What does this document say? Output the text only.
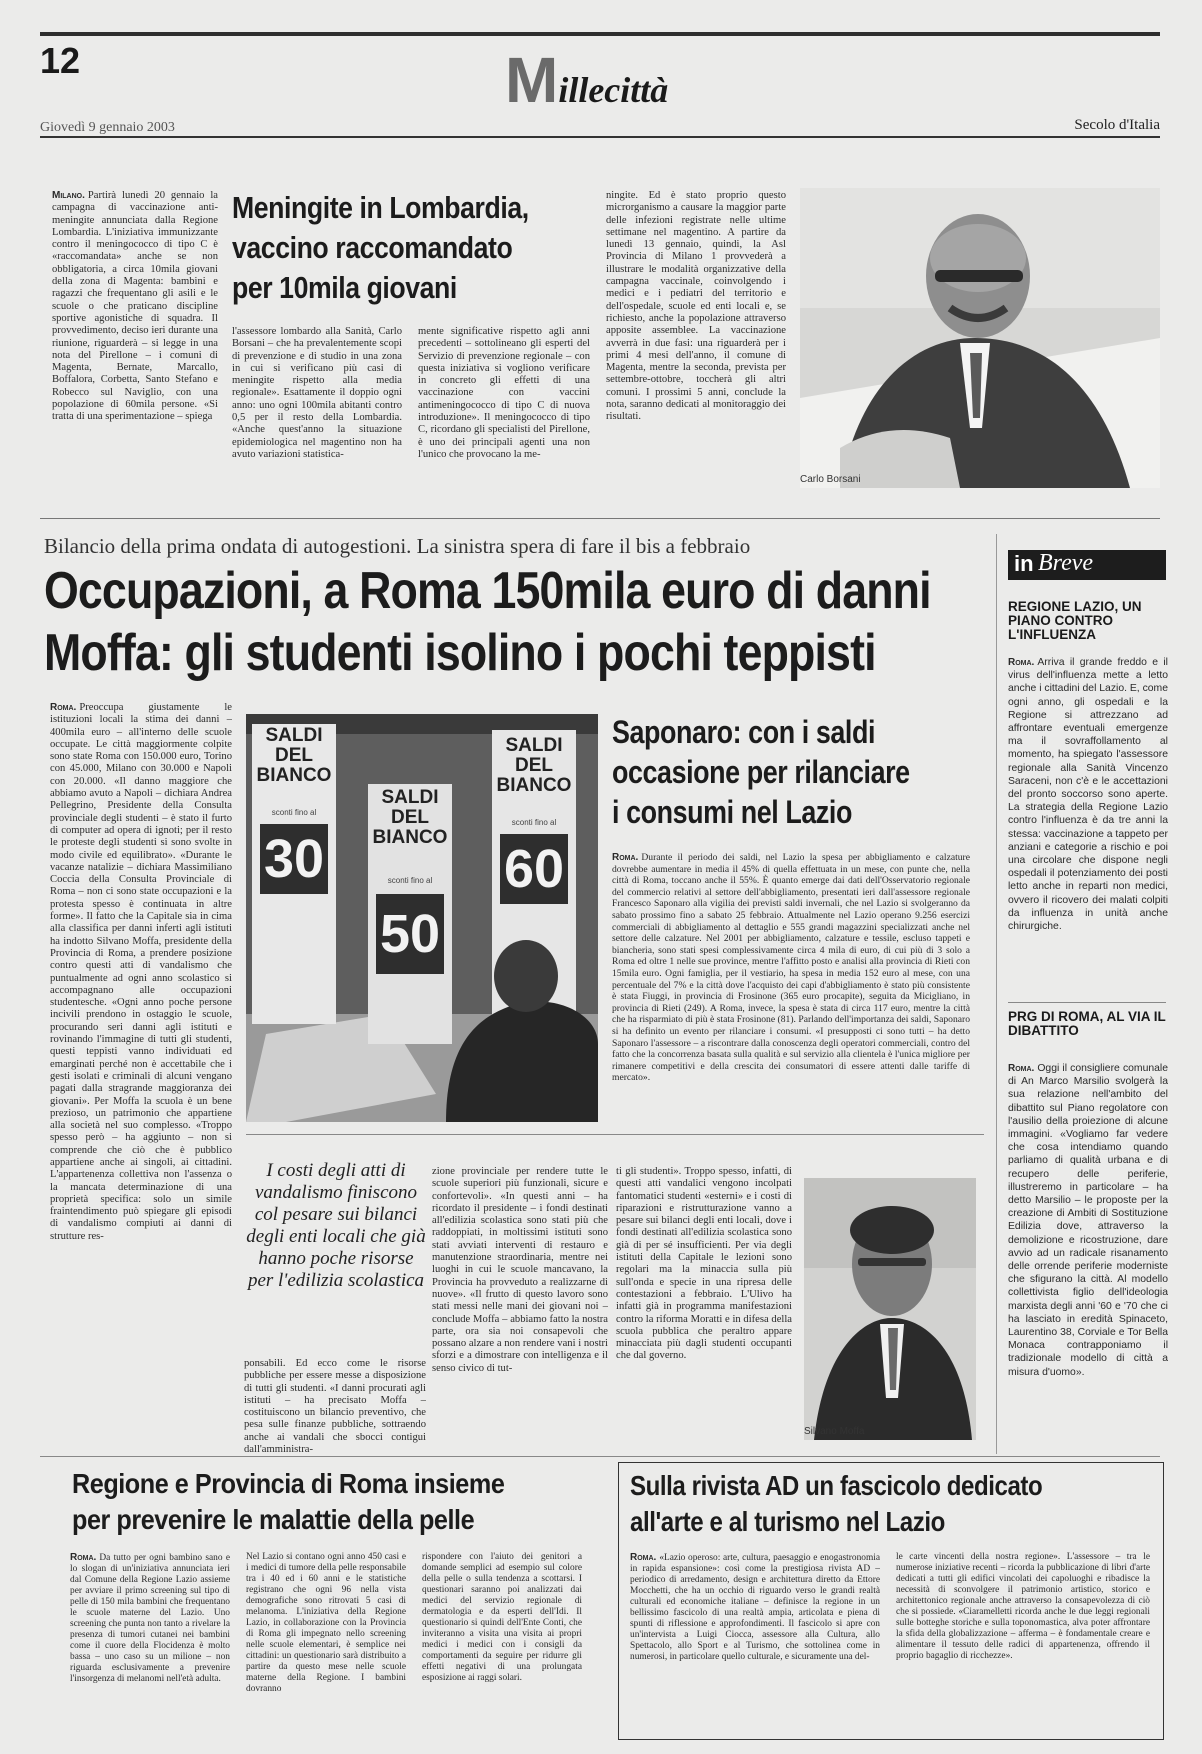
12	Millecittà
Giovedì 9 gennaio 2003	Secolo d'Italia
Milano. Partirà lunedì 20 gennaio la campagna di vaccinazione anti-meningite annunciata dalla Regione Lombardia. L'iniziativa immunizzante contro il meningococco di tipo C è «raccomandata» anche se non obbligatoria, a circa 10mila giovani della zona di Magenta: bambini e ragazzi che frequentano gli asili e le scuole o che praticano discipline sportive agonistiche di squadra. Il provvedimento, deciso ieri durante una riunione, riguarderà – si legge in una nota del Pirellone – i comuni di Magenta, Bernate, Marcallo, Boffalora, Corbetta, Santo Stefano e Robecco sul Naviglio, con una popolazione di 60mila persone. «Si tratta di una sperimentazione – spiega
Meningite in Lombardia,
vaccino raccomandato
per 10mila giovani
l'assessore lombardo alla Sanità, Carlo Borsani – che ha prevalentemente scopi di prevenzione e di studio in una zona in cui si verificano più casi di meningite rispetto alla media regionale». Esattamente il doppio ogni anno: uno ogni 100mila abitanti contro 0,5 per il resto della Lombardia. «Anche quest'anno la situazione epidemiologica nel magentino non ha avuto variazioni statistica-
mente significative rispetto agli anni precedenti – sottolineano gli esperti del Servizio di prevenzione regionale – con questa iniziativa si vogliono verificare in concreto gli effetti di una vaccinazione con vaccini antimeningococco di tipo C di nuova introduzione». Il meningococco di tipo C, ricordano gli specialisti del Pirellone, è uno dei principali agenti una non l'unico che provocano la me-
ningite. Ed è stato proprio questo microrganismo a causare la maggior parte delle infezioni registrate nelle ultime settimane nel magentino. A partire da lunedì 13 gennaio, quindi, la Asl Provincia di Milano 1 provvederà a illustrare le modalità organizzative della campagna vaccinale, coinvolgendo i medici e i pediatri del territorio e dell'ospedale, scuole ed enti locali e, se richiesto, anche la popolazione attraverso apposite assemblee. La vaccinazione avverrà in due fasi: una riguarderà per i primi 4 mesi dell'anno, il comune di Magenta, mentre la seconda, prevista per settembre-ottobre, toccherà gli altri comuni. I prossimi 5 anni, conclude la nota, saranno dedicati al monitoraggio dei risultati.
Carlo Borsani
Bilancio della prima ondata di autogestioni. La sinistra spera di fare il bis a febbraio
Occupazioni, a Roma 150mila euro di danni
Moffa: gli studenti isolino i pochi teppisti
Roma. Preoccupa giustamente le istituzioni locali la stima dei danni – 400mila euro – all'interno delle scuole occupate. Le città maggiormente colpite sono state Roma con 150.000 euro, Torino con 45.000, Milano con 30.000 e Napoli con 20.000. «Il danno maggiore che abbiamo avuto a Napoli – dichiara Andrea Pellegrino, Presidente della Consulta provinciale degli studenti – è stato il furto di computer ad opera di ignoti; per il resto le proteste degli studenti si sono svolte in modo civile ed equilibrato». «Durante le vacanze natalizie – dichiara Massimiliano Coccia della Consulta Provinciale di Roma – non ci sono state occupazioni e la protesta spesso è continuata in altre forme». Il fatto che la Capitale sia in cima alla classifica per danni inferti agli istituti ha indotto Silvano Moffa, presidente della Provincia di Roma, a prendere posizione contro questi atti di vandalismo che puntualmente ad ogni anno scolastico si accompagnano alle occupazioni studentesche. «Ogni anno poche persone incivili prendono in ostaggio le scuole, procurando seri danni agli istituti e rovinando l'immagine di tutti gli studenti, questi teppisti vanno individuati ed emarginati perché non è accettabile che i gesti isolati e criminali di alcuni vengano pagati dalla stragrande maggioranza dei giovani». Per Moffa la scuola è un bene prezioso, un patrimonio che appartiene alla società nel suo complesso. «Troppo spesso però – ha aggiunto – non si comprende che ciò che è pubblico appartiene anche ai singoli, ai cittadini. L'appartenenza collettiva non l'assenza o la mancata determinazione di una proprietà specifica: solo un simile fraintendimento può spiegare gli episodi di vandalismo compiuti ai danni di strutture res-
SALDI DEL BIANCO
sconti fino al
30
SALDI DEL BIANCO
sconti fino al
50
SALDI DEL BIANCO
sconti fino al
60
Saponaro: con i saldi
occasione per rilanciare
i consumi nel Lazio
Roma. Durante il periodo dei saldi, nel Lazio la spesa per abbigliamento e calzature dovrebbe aumentare in media il 45% di quella effettuata in un mese, con punte che, nella città di Roma, toccano anche il 55%. È quanto emerge dai dati dell'Osservatorio regionale del commercio relativi al settore dell'abbigliamento, presentati ieri dall'assessore regionale Francesco Saponaro alla vigilia dei previsti saldi invernali, che nel Lazio si svolgeranno da sabato prossimo fino a sabato 25 febbraio. Attualmente nel Lazio operano 9.256 esercizi commerciali di abbigliamento al dettaglio e 555 grandi magazzini specializzati anche nel settore delle calzature. Nel 2001 per abbigliamento, calzature e tessile, escluso tappeti e biancheria, sono stati spesi complessivamente circa 4 mila di euro, di cui più di 3 solo a Roma ed oltre 1 nelle sue province, mentre l'affitto posto e analisi alla provincia di Rieti con 15mila euro. Ogni famiglia, per il vestiario, ha spesa in media 152 euro al mese, con una percentuale del 7% e la città dove l'acquisto dei capi d'abbigliamento è stato più consistente è stata Fiuggi, in provincia di Frosinone (365 euro procapite), seguita da Micigliano, in provincia di Rieti (249). A Roma, invece, la spesa è stata di circa 117 euro, mentre la città che ha risparmiato di più è stata Frosinone (81). Parlando dell'importanza dei saldi, Saponaro si ha definito un evento per rilanciare i consumi. «I presupposti ci sono tutti – ha detto Saponaro l'assessore – a riscontrare dalla conoscenza degli operatori commerciali, contro del fatto che la concorrenza basata sulla qualità e sul servizio alla clientela è l'unica migliore per rimanere competitivi e della crescita dei consumatori di essere attenti dalle tariffe di mercato».
I costi degli atti di vandalismo finiscono col pesare sui bilanci degli enti locali che già hanno poche risorse per l'edilizia scolastica
ponsabili. Ed ecco come le risorse pubbliche per essere messe a disposizione di tutti gli studenti. «I danni procurati agli istituti – ha precisato Moffa – costituiscono un bilancio preventivo, che pesa sulle finanze pubbliche, sottraendo anche ai vandali che sbocci contigui dall'amministra-
zione provinciale per rendere tutte le scuole superiori più funzionali, sicure e confortevoli». «In questi anni – ha ricordato il presidente – i fondi destinati all'edilizia scolastica sono stati più che raddoppiati, in moltissimi istituti sono stati avviati interventi di restauro e manutenzione straordinaria, mentre nei luoghi in cui le scuole mancavano, la Provincia ha provveduto a realizzarne di nuove». «Il frutto di questo lavoro sono stati messi nelle mani dei giovani noi – conclude Moffa – abbiamo fatto la nostra parte, ora sia noi consapevoli che possano alzare a non rendere vani i nostri sforzi e a dimostrare con intelligenza e il senso civico di tut-
ti gli studenti». Troppo spesso, infatti, di questi atti vandalici vengono incolpati fantomatici studenti «esterni» e i costi di riparazioni e ristrutturazione vanno a pesare sui bilanci degli enti locali, dove i fondi destinati all'edilizia scolastica sono già di per sé insufficienti. Per via degli istituti della Capitale le lezioni sono regolari ma la minaccia sulla più sull'onda e specie in una ripresa delle contestazioni a febbraio. L'Ulivo ha infatti già in programma manifestazioni contro la riforma Moratti e in difesa della scuola pubblica che peraltro appare minacciata più dagli studenti occupanti che dal governo.
Silvano Moffa
in Breve
REGIONE LAZIO, UN PIANO CONTRO L'INFLUENZA
Roma. Arriva il grande freddo e il virus dell'influenza mette a letto anche i cittadini del Lazio. E, come ogni anno, gli ospedali e la Regione si attrezzano ad affrontare eventuali emergenze ma il sovraffollamento al momento, ha spiegato l'assessore regionale alla Sanità Vincenzo Saraceni, non c'è e le accettazioni del pronto soccorso sono aperte. La strategia della Regione Lazio contro l'influenza è da tre anni la stessa: vaccinazione a tappeto per anziani e categorie a rischio e poi una circolare che dispone negli ospedali il potenziamento dei posti letto anche in reparti non medici, ovvero il ricovero dei malati colpiti da influenza in unità anche chirurgiche.
PRG DI ROMA, AL VIA IL DIBATTITO
Roma. Oggi il consigliere comunale di An Marco Marsilio svolgerà la sua relazione nell'ambito del dibattito sul Piano regolatore con l'ausilio della proiezione di alcune immagini. «Vogliamo far vedere che cosa intendiamo quando parliamo di qualità urbana e di recupero delle periferie, illustreremo in particolare – ha detto Marsilio – le proposte per la creazione di Ambiti di Sostituzione Edilizia dove, attraverso la demolizione e ricostruzione, dare avvio ad un radicale risanamento delle orrende periferie moderniste che sfigurano la città. Al modello collettivista figlio dell'ideologia marxista degli anni '60 e '70 che ci ha lasciato in eredità Spinaceto, Laurentino 38, Corviale e Tor Bella Monaca contrapponiamo il tradizionale modello di città a misura d'uomo».
Regione e Provincia di Roma insieme
per prevenire le malattie della pelle
Roma. Da tutto per ogni bambino sano e lo slogan di un'iniziativa annunciata ieri dal Comune della Regione Lazio assieme per avviare il primo screening sul tipo di pelle di 150 mila bambini che frequentano le scuole materne del Lazio. Uno screening che punta non tanto a rivelare la presenza di tumori cutanei nei bambini come il cuore della Flocidenza è molto bassa – uno caso su un milione – non riguarda esclusivamente a prevenire l'insorgenza di melanomi nell'età adulta.
Nel Lazio si contano ogni anno 450 casi e i medici di tumore della pelle responsabile tra i 40 ed i 60 anni e le statistiche registrano che ogni 96 nella vista demografiche sono ritrovati 5 casi di melanoma. L'iniziativa della Regione Lazio, in collaborazione con la Provincia di Roma gli impegnato nello screening nelle scuole elementari, è semplice nei cittadini: un questionario sarà distribuito a partire da questo mese nelle scuole materne della Regione. I bambini dovranno
rispondere con l'aiuto dei genitori a domande semplici ad esempio sul colore della pelle o sulla tendenza a scottarsi. I questionari saranno poi analizzati dai medici del servizio regionale di dermatologia e da esperti dell'Idi. Il questionario si quindi dell'Ente Conti, che inviteranno a visita una visita ai propri medici i medici con i consigli da comportamenti da seguire per ridurre gli effetti negativi di una prolungata esposizione ai raggi solari.
Sulla rivista AD un fascicolo dedicato
all'arte e al turismo nel Lazio
Roma. «Lazio operoso: arte, cultura, paesaggio e enogastronomia in rapida espansione»: così come la prestigiosa rivista AD – periodico di arredamento, design e architettura diretto da Ettore Mocchetti, che ha un occhio di riguardo verso le grandi realtà culturali ed economiche italiane – definisce la regione in un bellissimo fascicolo di una realtà ampia, articolata e piena di spunti di riflessione e approfondimenti. Il fascicolo si apre con un'intervista a Luigi Ciocca, assessore alla Cultura, allo Spettacolo, allo Sport e al Turismo, che sottolinea come in numerosi, in particolare quello culturale, e sicuramente una del-
le carte vincenti della nostra regione». L'assessore – tra le numerose iniziative recenti – ricorda la pubblicazione di libri d'arte dedicati a tutti gli edifici vincolati dei capoluoghi e ribadisce la necessità di sconvolgere il patrimonio artistico, storico e architettonico regionale anche attraverso la consapevolezza di ciò che si possiede. «Ciaramelletti ricorda anche le due leggi regionali sulle botteghe storiche e sulla toponomastica, alva poter affrontare la sfida della globalizzazione – afferma – è fondamentale creare e alimentare il tessuto delle radici di appartenenza, offrendo il proprio bagaglio di ricchezze».
